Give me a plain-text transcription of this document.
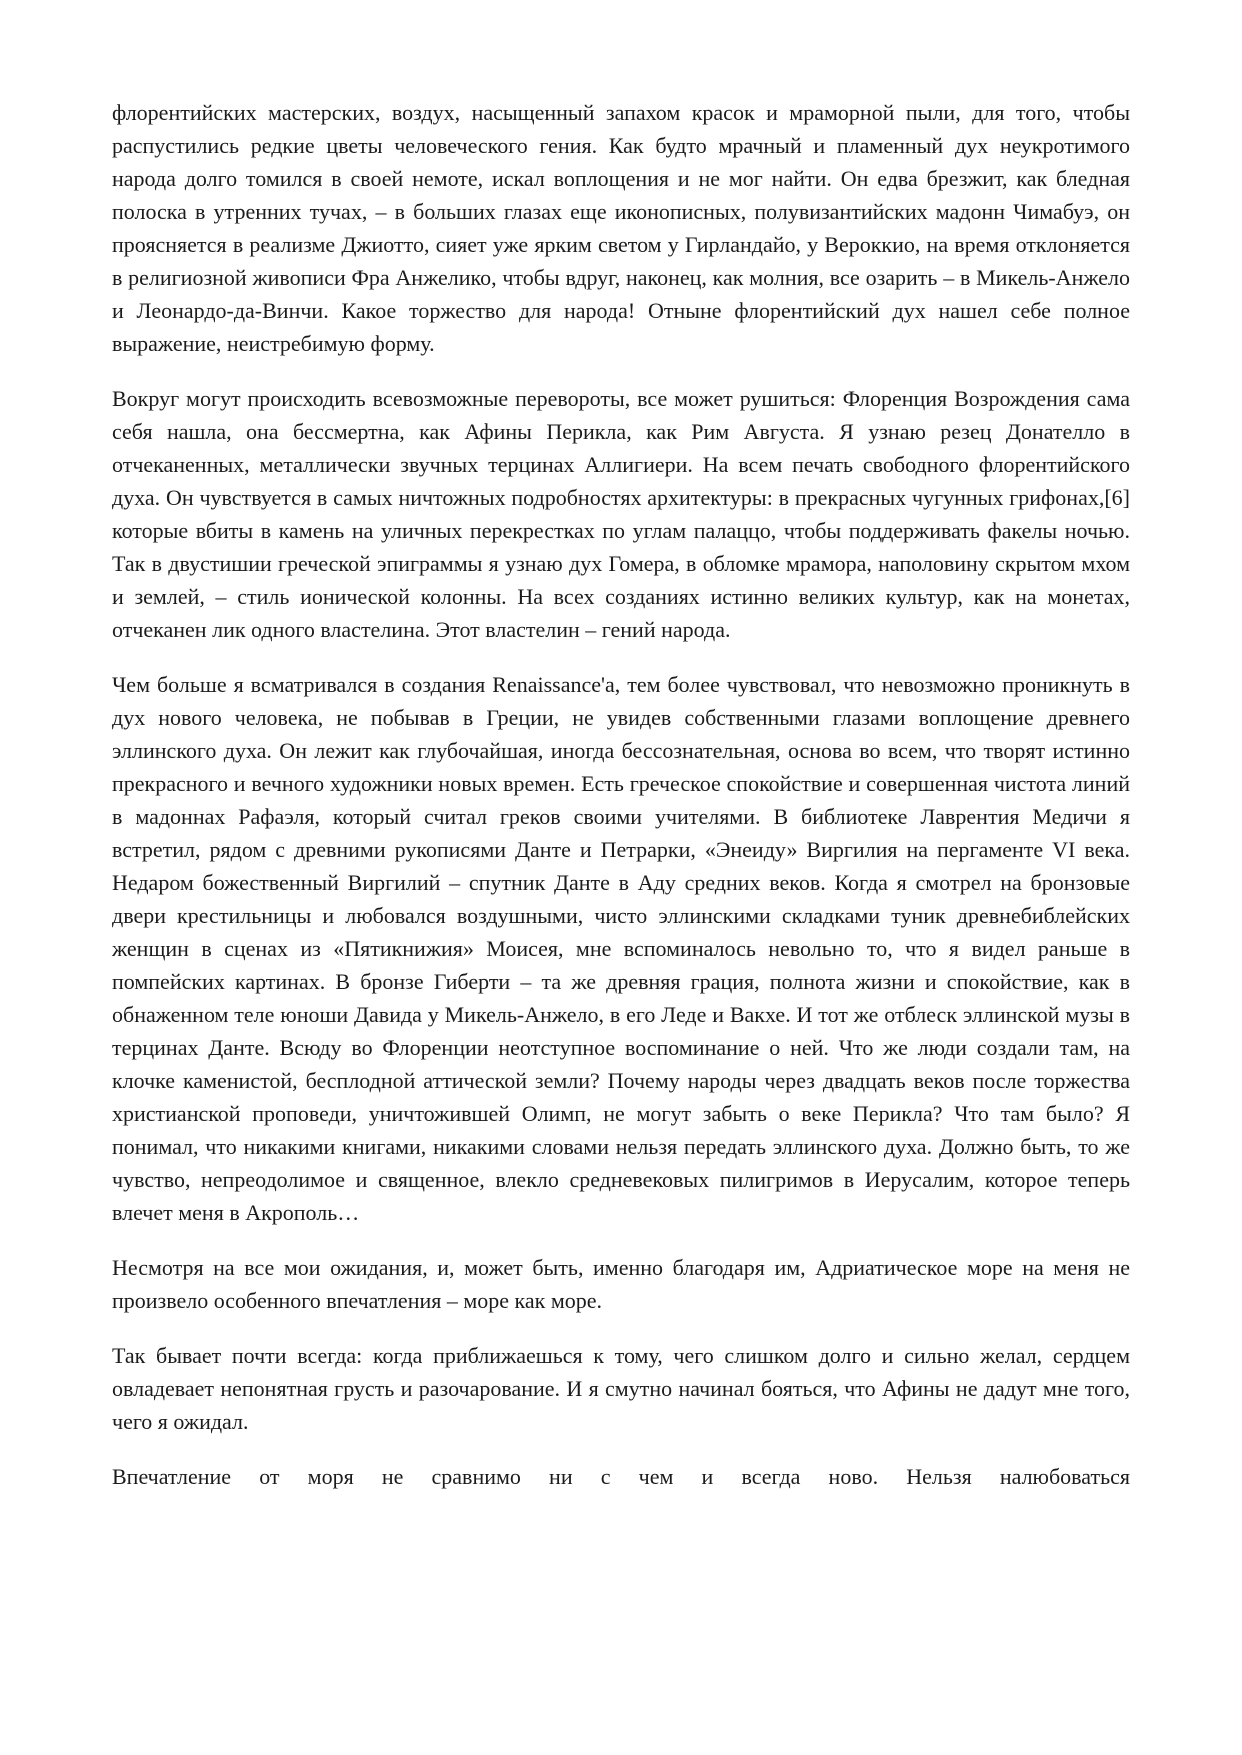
флорентийских мастерских, воздух, насыщенный запахом красок и мраморной пыли, для того, чтобы распустились редкие цветы человеческого гения. Как будто мрачный и пламенный дух неукротимого народа долго томился в своей немоте, искал воплощения и не мог найти. Он едва брезжит, как бледная полоска в утренних тучах, – в больших глазах еще иконописных, полувизантийских мадонн Чимабуэ, он проясняется в реализме Джиотто, сияет уже ярким светом у Гирландайо, у Вероккио, на время отклоняется в религиозной живописи Фра Анжелико, чтобы вдруг, наконец, как молния, все озарить – в Микель-Анжело и Леонардо-да-Винчи. Какое торжество для народа! Отныне флорентийский дух нашел себе полное выражение, неистребимую форму.

Вокруг могут происходить всевозможные перевороты, все может рушиться: Флоренция Возрождения сама себя нашла, она бессмертна, как Афины Перикла, как Рим Августа. Я узнаю резец Донателло в отчеканенных, металлически звучных терцинах Аллигиери. На всем печать свободного флорентийского духа. Он чувствуется в самых ничтожных подробностях архитектуры: в прекрасных чугунных грифонах,[6] которые вбиты в камень на уличных перекрестках по углам палаццо, чтобы поддерживать факелы ночью. Так в двустишии греческой эпиграммы я узнаю дух Гомера, в обломке мрамора, наполовину скрытом мхом и землей, – стиль ионической колонны. На всех созданиях истинно великих культур, как на монетах, отчеканен лик одного властелина. Этот властелин – гений народа.

Чем больше я всматривался в создания Renaissance'a, тем более чувствовал, что невозможно проникнуть в дух нового человека, не побывав в Греции, не увидев собственными глазами воплощение древнего эллинского духа. Он лежит как глубочайшая, иногда бессознательная, основа во всем, что творят истинно прекрасного и вечного художники новых времен. Есть греческое спокойствие и совершенная чистота линий в мадоннах Рафаэля, который считал греков своими учителями. В библиотеке Лаврентия Медичи я встретил, рядом с древними рукописями Данте и Петрарки, «Энеиду» Виргилия на пергаменте VI века. Недаром божественный Виргилий – спутник Данте в Аду средних веков. Когда я смотрел на бронзовые двери крестильницы и любовался воздушными, чисто эллинскими складками туник древнебиблейских женщин в сценах из «Пятикнижия» Моисея, мне вспоминалось невольно то, что я видел раньше в помпейских картинах. В бронзе Гиберти – та же древняя грация, полнота жизни и спокойствие, как в обнаженном теле юноши Давида у Микель-Анжело, в его Леде и Вакхе. И тот же отблеск эллинской музы в терцинах Данте. Всюду во Флоренции неотступное воспоминание о ней. Что же люди создали там, на клочке каменистой, бесплодной аттической земли? Почему народы через двадцать веков после торжества христианской проповеди, уничтожившей Олимп, не могут забыть о веке Перикла? Что там было? Я понимал, что никакими книгами, никакими словами нельзя передать эллинского духа. Должно быть, то же чувство, непреодолимое и священное, влекло средневековых пилигримов в Иерусалим, которое теперь влечет меня в Акрополь…

Несмотря на все мои ожидания, и, может быть, именно благодаря им, Адриатическое море на меня не произвело особенного впечатления – море как море.

Так бывает почти всегда: когда приближаешься к тому, чего слишком долго и сильно желал, сердцем овладевает непонятная грусть и разочарование. И я смутно начинал бояться, что Афины не дадут мне того, чего я ожидал.

Впечатление от моря не сравнимо ни с чем и всегда ново. Нельзя налюбоваться
